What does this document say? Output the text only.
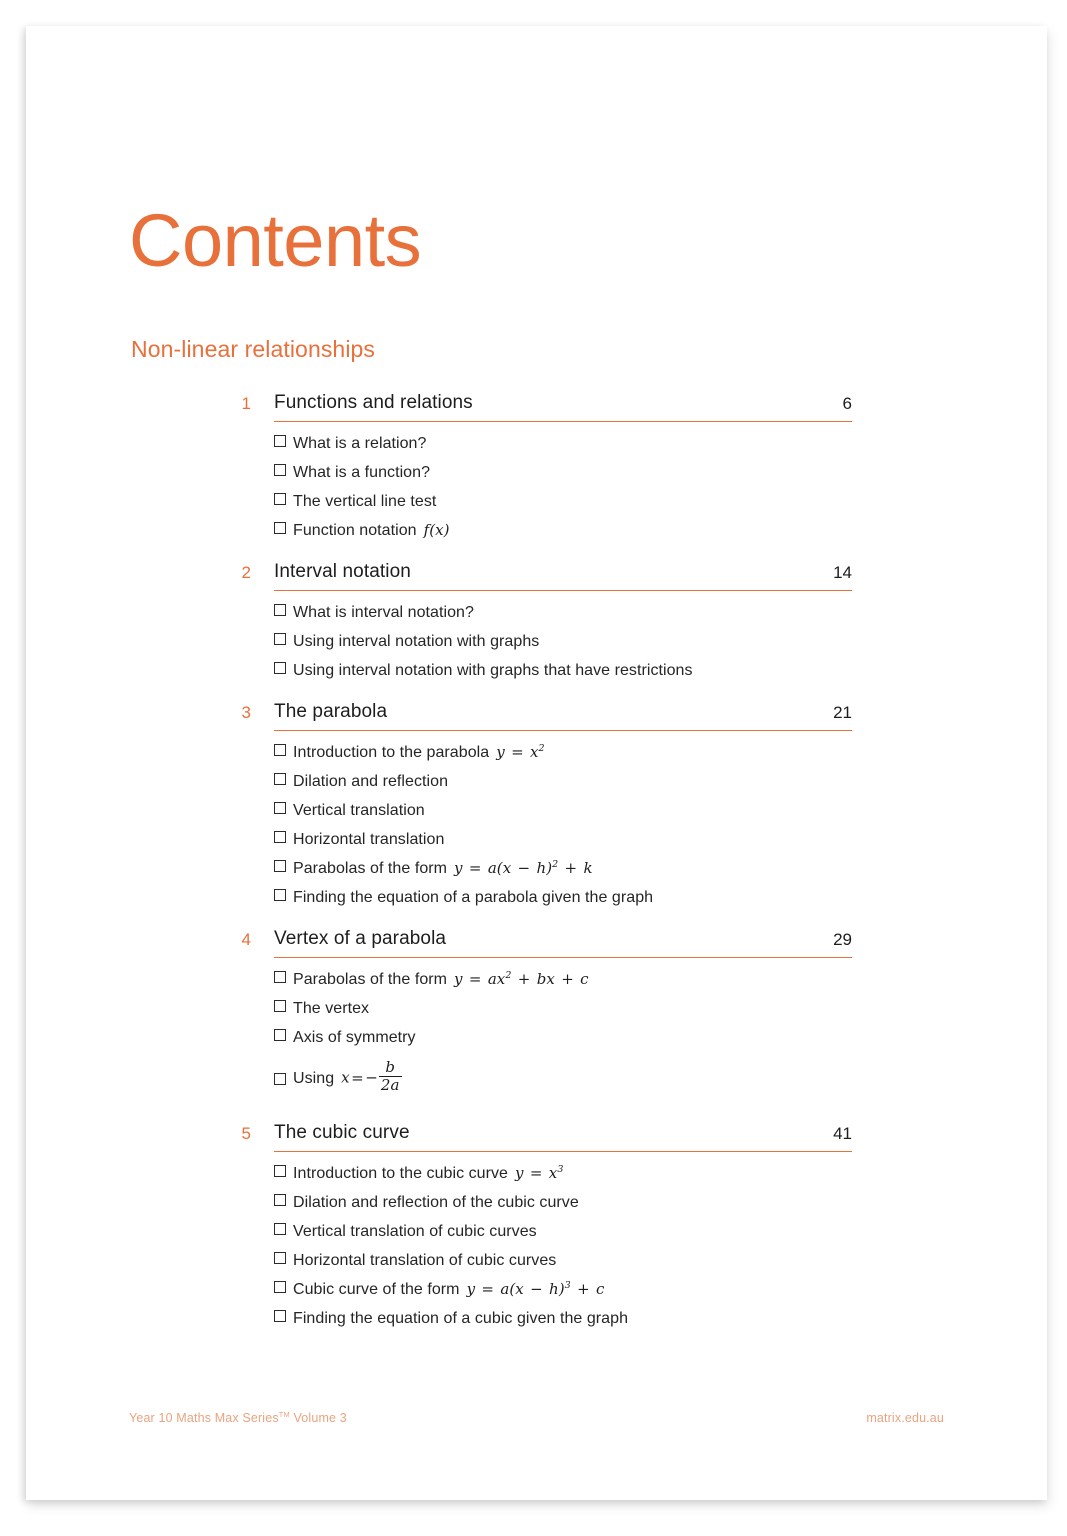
Contents
Non-linear relationships
1 Functions and relations	6
What is a relation?
What is a function?
The vertical line test
Function notation f(x)
2 Interval notation	14
What is interval notation?
Using interval notation with graphs
Using interval notation with graphs that have restrictions
3 The parabola	21
Introduction to the parabola $y = x^2$
Dilation and reflection
Vertical translation
Horizontal translation
Parabolas of the form $y = a(x - h)^2 + k$
Finding the equation of a parabola given the graph
4 Vertex of a parabola	29
Parabolas of the form $y = ax^2$ + bx + c
The vertex
Axis of symmetry
Using x = − $\frac{b}{2a}$
5 The cubic curve	41
Introduction to the cubic curve $y = x^3$
Dilation and reflection of the cubic curve
Vertical translation of cubic curves
Horizontal translation of cubic curves
Cubic curve of the form $y = a(x - h)^3 + c$
Finding the equation of a cubic given the graph
Year 10 Maths Max Series™ Volume 3	matrix.edu.au
